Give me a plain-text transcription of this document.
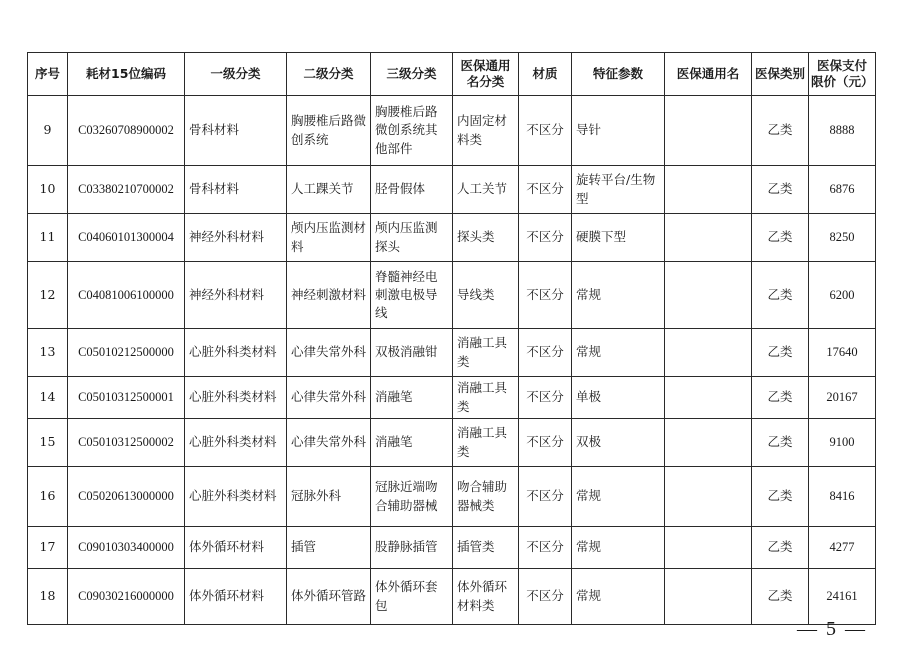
序号	耗材15位编码	一级分类	二级分类	三级分类	医保通用名分类	材质	特征参数	医保通用名	医保类别	医保支付限价（元）
9	C03260708900002	骨科材料	胸腰椎后路微创系统	胸腰椎后路微创系统其他部件	内固定材料类	不区分	导针		乙类	8888
10	C03380210700002	骨科材料	人工踝关节	胫骨假体	人工关节	不区分	旋转平台/生物型		乙类	6876
11	C04060101300004	神经外科材料	颅内压监测材料	颅内压监测探头	探头类	不区分	硬膜下型		乙类	8250
12	C04081006100000	神经外科材料	神经刺激材料	脊髓神经电刺激电极导线	导线类	不区分	常规		乙类	6200
13	C05010212500000	心脏外科类材料	心律失常外科	双极消融钳	消融工具类	不区分	常规		乙类	17640
14	C05010312500001	心脏外科类材料	心律失常外科	消融笔	消融工具类	不区分	单极		乙类	20167
15	C05010312500002	心脏外科类材料	心律失常外科	消融笔	消融工具类	不区分	双极		乙类	9100
16	C05020613000000	心脏外科类材料	冠脉外科	冠脉近端吻合辅助器械	吻合辅助器械类	不区分	常规		乙类	8416
17	C09010303400000	体外循环材料	插管	股静脉插管	插管类	不区分	常规		乙类	4277
18	C09030216000000	体外循环材料	体外循环管路	体外循环套包	体外循环材料类	不区分	常规		乙类	24161
— 5 —
